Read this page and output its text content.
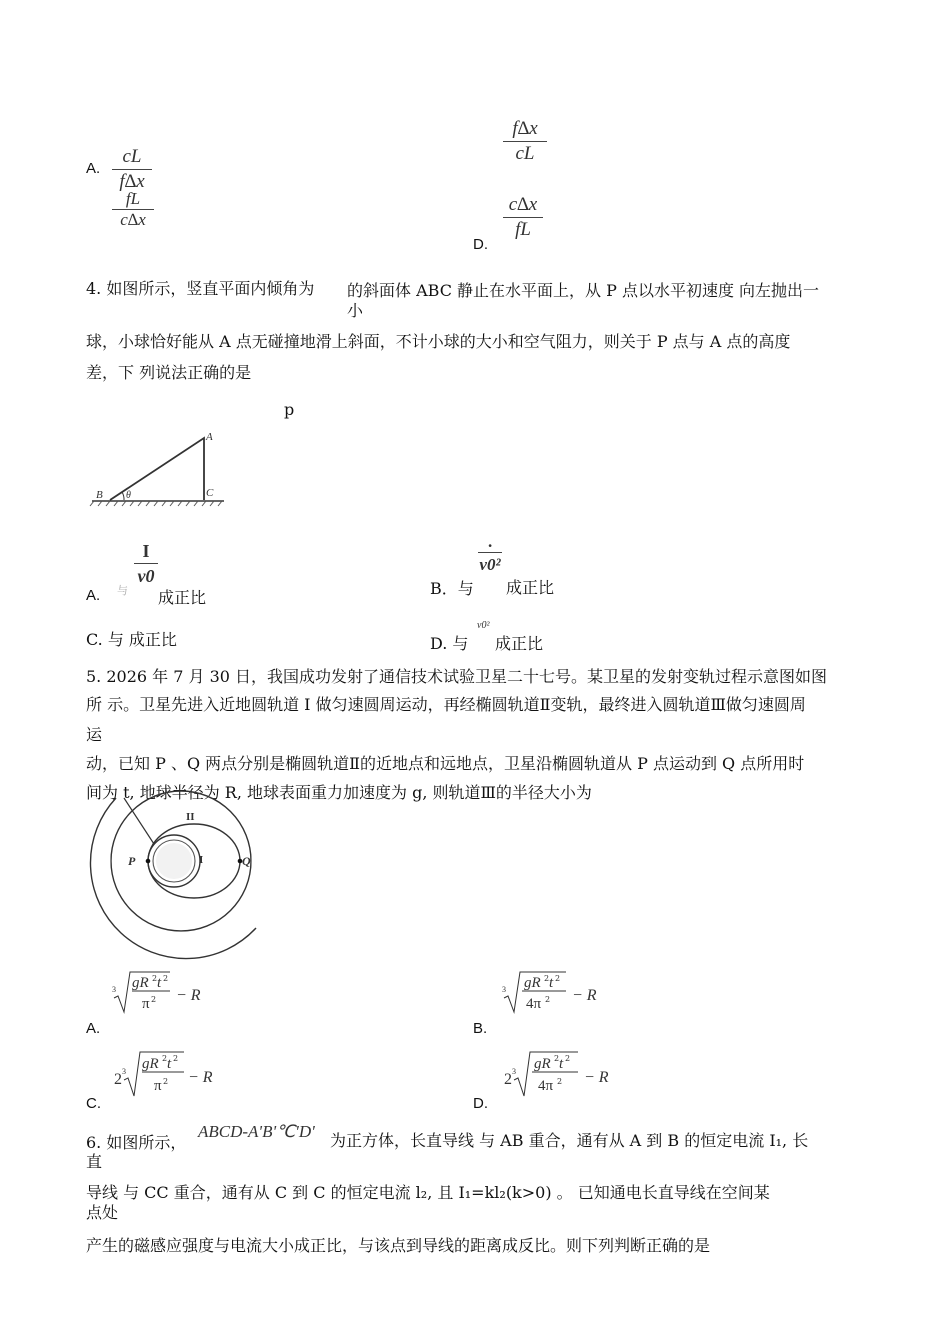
A.
cL
f∆x
f∆x
cL
fL
c∆x
c∆x
fL
D.
4. 如图所示，竖直平面内倾角为 的斜面体 ABC 静止在水平面上，从 P 点以水平初速度 向左抛出一
小
球，小球恰好能从 A 点无碰撞地滑上斜面，不计小球的大小和空气阻力，则关于 P 点与 A 点的高度
差，下 列说法正确的是
p
A
B	C
θ
A. 与
I
v0
成正比	B．与
·
v0²
成正比
C. 与 成正比	D. 与
v0²
成正比
5. 2026 年 7 月 30 日，我国成功发射了通信技术试验卫星二十七号。某卫星的发射变轨过程示意图如图
所 示。卫星先进入近地圆轨道 I 做匀速圆周运动，再经椭圆轨道Ⅱ变轨，最终进入圆轨道Ⅲ做匀速圆周
运
动，已知 P 、Q 两点分别是椭圆轨道Ⅱ的近地点和远地点，卫星沿椭圆轨道从 P 点运动到 Q 点所用时
间为 t, 地球半径为 R, 地球表面重力加速度为 g, 则轨道Ⅲ的半径大小为
P	Q
I
II
3 gR 2 t 2
π 2 − R
A.
3 gR 2 t 2
4π 2 − R
B.
2 3 gR 2 t 2
π 2 − R
C.
2 3 gR 2 t 2
4π 2 − R
D.
6. 如图所示，
ABCD-A'B'℃'D' 为正方体，长直导线 与 AB 重合，通有从 A 到 B 的恒定电流 I₁, 长
直
导线 与 CC 重合，通有从 C 到 C 的恒定电流 l₂, 且 I₁=kl₂(k>0) 。 已知通电长直导线在空间某
点处
产生的磁感应强度与电流大小成正比，与该点到导线的距离成反比。则下列判断正确的是
